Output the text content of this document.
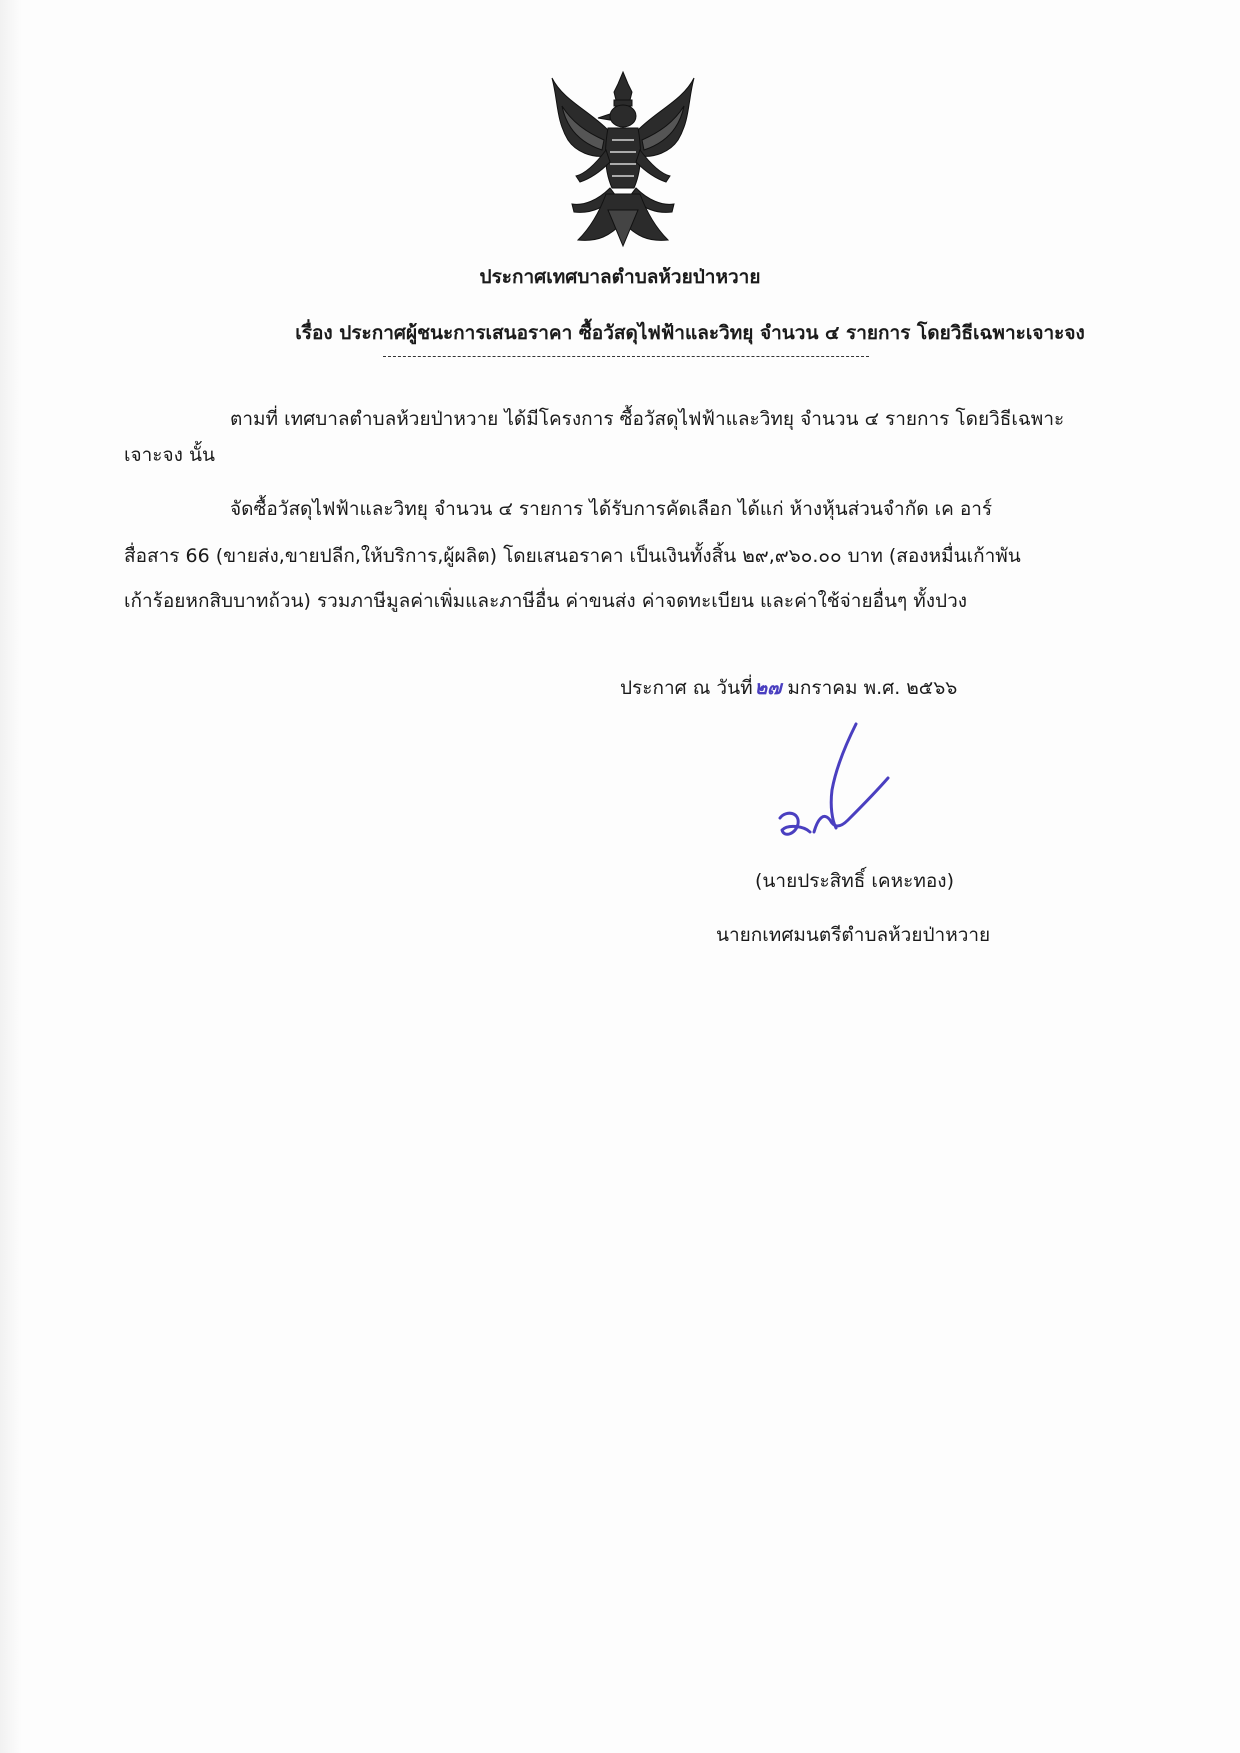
ประกาศเทศบาลตำบลห้วยป่าหวาย
เรื่อง ประกาศผู้ชนะการเสนอราคา ซื้อวัสดุไฟฟ้าและวิทยุ จำนวน ๔ รายการ โดยวิธีเฉพาะเจาะจง
ตามที่ เทศบาลตำบลห้วยป่าหวาย ได้มีโครงการ ซื้อวัสดุไฟฟ้าและวิทยุ จำนวน ๔ รายการ โดยวิธีเฉพาะ
เจาะจง นั้น
จัดซื้อวัสดุไฟฟ้าและวิทยุ จำนวน ๔ รายการ ได้รับการคัดเลือก ได้แก่ ห้างหุ้นส่วนจำกัด เค อาร์
สื่อสาร 66 (ขายส่ง,ขายปลีก,ให้บริการ,ผู้ผลิต) โดยเสนอราคา เป็นเงินทั้งสิ้น ๒๙,๙๖๐.๐๐ บาท (สองหมื่นเก้าพัน
เก้าร้อยหกสิบบาทถ้วน) รวมภาษีมูลค่าเพิ่มและภาษีอื่น ค่าขนส่ง ค่าจดทะเบียน และค่าใช้จ่ายอื่นๆ ทั้งปวง
ประกาศ ณ วันที่ ๒๗ มกราคม พ.ศ. ๒๕๖๖
(นายประสิทธิ์ เคหะทอง)
นายกเทศมนตรีตำบลห้วยป่าหวาย
